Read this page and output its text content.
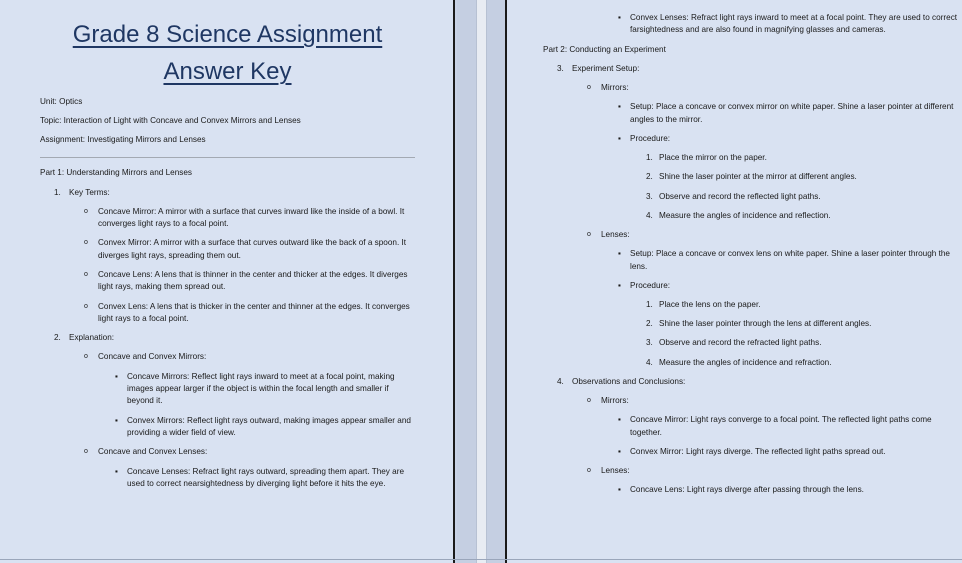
Grade 8 Science Assignment
Answer Key

Unit: Optics

Topic: Interaction of Light with Concave and Convex Mirrors and Lenses

Assignment: Investigating Mirrors and Lenses

Part 1: Understanding Mirrors and Lenses

1. Key Terms:
o Concave Mirror: A mirror with a surface that curves inward like the inside of a bowl. It converges light rays to a focal point.
o Convex Mirror: A mirror with a surface that curves outward like the back of a spoon. It diverges light rays, spreading them out.
o Concave Lens: A lens that is thinner in the center and thicker at the edges. It diverges light rays, making them spread out.
o Convex Lens: A lens that is thicker in the center and thinner at the edges. It converges light rays to a focal point.
2. Explanation:
o Concave and Convex Mirrors:
▪ Concave Mirrors: Reflect light rays inward to meet at a focal point, making images appear larger if the object is within the focal length and smaller if beyond it.
▪ Convex Mirrors: Reflect light rays outward, making images appear smaller and providing a wider field of view.
o Concave and Convex Lenses:
▪ Concave Lenses: Refract light rays outward, spreading them apart. They are used to correct nearsightedness by diverging light before it hits the eye.
▪ Convex Lenses: Refract light rays inward to meet at a focal point. They are used to correct farsightedness and are also found in magnifying glasses and cameras.

Part 2: Conducting an Experiment

3. Experiment Setup:
o Mirrors:
▪ Setup: Place a concave or convex mirror on white paper. Shine a laser pointer at different angles to the mirror.
▪ Procedure:
1. Place the mirror on the paper.
2. Shine the laser pointer at the mirror at different angles.
3. Observe and record the reflected light paths.
4. Measure the angles of incidence and reflection.
o Lenses:
▪ Setup: Place a concave or convex lens on white paper. Shine a laser pointer through the lens.
▪ Procedure:
1. Place the lens on the paper.
2. Shine the laser pointer through the lens at different angles.
3. Observe and record the refracted light paths.
4. Measure the angles of incidence and refraction.
4. Observations and Conclusions:
o Mirrors:
▪ Concave Mirror: Light rays converge to a focal point. The reflected light paths come together.
▪ Convex Mirror: Light rays diverge. The reflected light paths spread out.
o Lenses:
▪ Concave Lens: Light rays diverge after passing through the lens.
